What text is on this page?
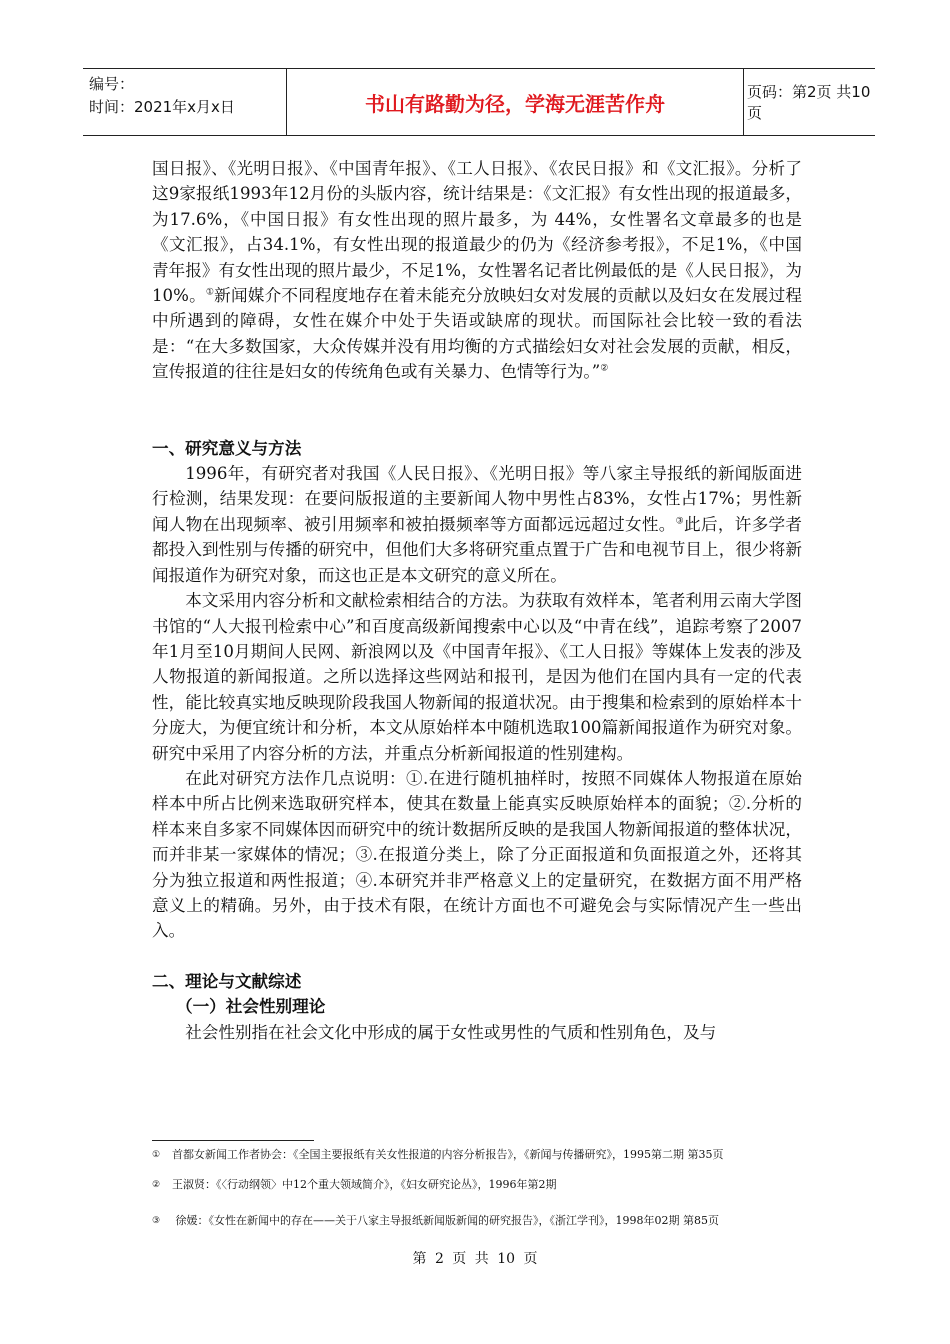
编号：
时间：2021年x月x日	书山有路勤为径，学海无涯苦作舟	页码：第2页 共10页

国日报》、《光明日报》、《中国青年报》、《工人日报》、《农民日报》和《文汇报》。分析了这9家报纸1993年12月份的头版内容，统计结果是：《文汇报》有女性出现的报道最多，为17.6%，《中国日报》有女性出现的照片最多，为 44%，女性署名文章最多的也是《文汇报》，占34.1%，有女性出现的报道最少的仍为《经济参考报》，不足1%，《中国青年报》有女性出现的照片最少，不足1%，女性署名记者比例最低的是《人民日报》，为10%。①新闻媒介不同程度地存在着未能充分放映妇女对发展的贡献以及妇女在发展过程中所遇到的障碍，女性在媒介中处于失语或缺席的现状。而国际社会比较一致的看法是：“在大多数国家，大众传媒并没有用均衡的方式描绘妇女对社会发展的贡献，相反，宣传报道的往往是妇女的传统角色或有关暴力、色情等行为。”②

一、研究意义与方法

1996年，有研究者对我国《人民日报》、《光明日报》等八家主导报纸的新闻版面进行检测，结果发现：在要问版报道的主要新闻人物中男性占83%，女性占17%；男性新闻人物在出现频率、被引用频率和被拍摄频率等方面都远远超过女性。③此后，许多学者都投入到性别与传播的研究中，但他们大多将研究重点置于广告和电视节目上，很少将新闻报道作为研究对象，而这也正是本文研究的意义所在。

本文采用内容分析和文献检索相结合的方法。为获取有效样本，笔者利用云南大学图书馆的“人大报刊检索中心”和百度高级新闻搜索中心以及“中青在线”，追踪考察了2007年1月至10月期间人民网、新浪网以及《中国青年报》、《工人日报》等媒体上发表的涉及人物报道的新闻报道。之所以选择这些网站和报刊，是因为他们在国内具有一定的代表性，能比较真实地反映现阶段我国人物新闻的报道状况。由于搜集和检索到的原始样本十分庞大，为便宜统计和分析，本文从原始样本中随机选取100篇新闻报道作为研究对象。研究中采用了内容分析的方法，并重点分析新闻报道的性别建构。

在此对研究方法作几点说明：①.在进行随机抽样时，按照不同媒体人物报道在原始样本中所占比例来选取研究样本，使其在数量上能真实反映原始样本的面貌；②.分析的样本来自多家不同媒体因而研究中的统计数据所反映的是我国人物新闻报道的整体状况，而并非某一家媒体的情况；③.在报道分类上，除了分正面报道和负面报道之外，还将其分为独立报道和两性报道；④.本研究并非严格意义上的定量研究，在数据方面不用严格意义上的精确。另外，由于技术有限，在统计方面也不可避免会与实际情况产生一些出入。

二、理论与文献综述

（一）社会性别理论

社会性别指在社会文化中形成的属于女性或男性的气质和性别角色，及与

① 首都女新闻工作者协会：《全国主要报纸有关女性报道的内容分析报告》，《新闻与传播研究》，1995第二期 第35页
② 王淑贤：《〈行动纲领〉中12个重大领域简介》，《妇女研究论丛》，1996年第2期
③ 徐媛：《女性在新闻中的存在——关于八家主导报纸新闻版新闻的研究报告》，《浙江学刊》，1998年02期 第85页
第 2 页 共 10 页
